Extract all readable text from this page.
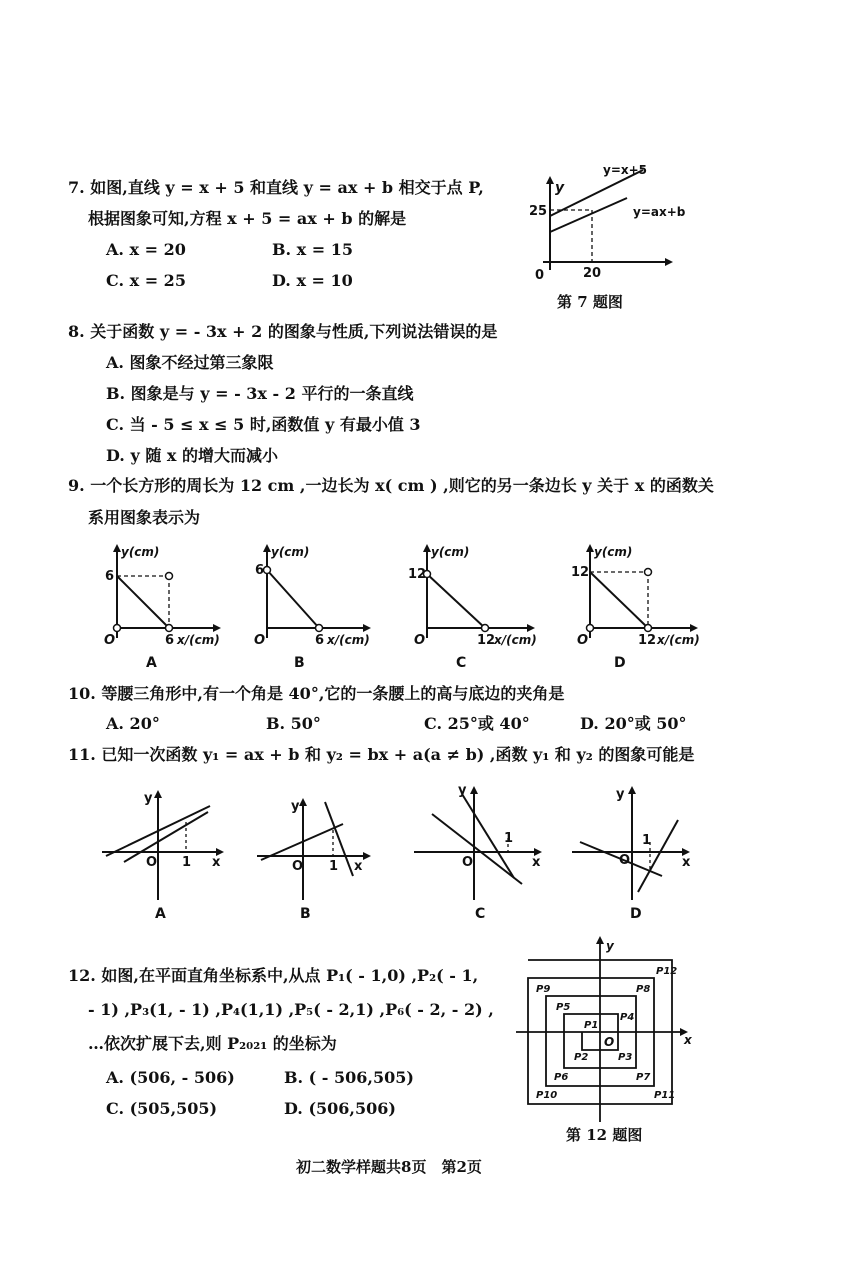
7. 如图,直线 y = x + 5 和直线 y = ax + b 相交于点 P,
根据图象可知,方程 x + 5 = ax + b 的解是
A. x = 20	B. x = 15
C. x = 25	D. x = 10
y
y=x+5
y=ax+b
25
20
0
第 7 题图
8. 关于函数 y = - 3x + 2 的图象与性质,下列说法错误的是
A. 图象不经过第三象限
B. 图象是与 y = - 3x - 2 平行的一条直线
C. 当 - 5 ≤ x ≤ 5 时,函数值 y 有最小值 3
D. y 随 x 的增大而减小
9. 一个长方形的周长为 12 cm ,一边长为 x( cm ) ,则它的另一条边长 y 关于 x 的函数关
系用图象表示为
y(cm)
6
6 x/(cm)
O
A
y(cm)
6
6 x/(cm)
O
B
y(cm)
12
12
x/(cm)
O
C
y(cm)
12
12 x/(cm)
O
D
10. 等腰三角形中,有一个角是 40°,它的一条腰上的高与底边的夹角是
A. 20°	B. 50°	C. 25°或 40°	D. 20°或 50°
11. 已知一次函数 y₁ = ax + b 和 y₂ = bx + a(a ≠ b) ,函数 y₁ 和 y₂ 的图象可能是
y
O 1 x
A
y
O 1 x
B
y
O
1
x
C
y
O
1
x
D
12. 如图,在平面直角坐标系中,从点 P₁( - 1,0) ,P₂( - 1,
- 1) ,P₃(1, - 1) ,P₄(1,1) ,P₅( - 2,1) ,P₆( - 2, - 2) ,
…依次扩展下去,则 P₂₀₂₁ 的坐标为
A. (506, - 506)	B. ( - 506,505)
C. (505,505)	D. (506,506)
y
x
O
P1
P2	P3
P4
P5
P6	P7
P8
P9
P10	P11
P12
第 12 题图
初二数学样题共8页　第2页
